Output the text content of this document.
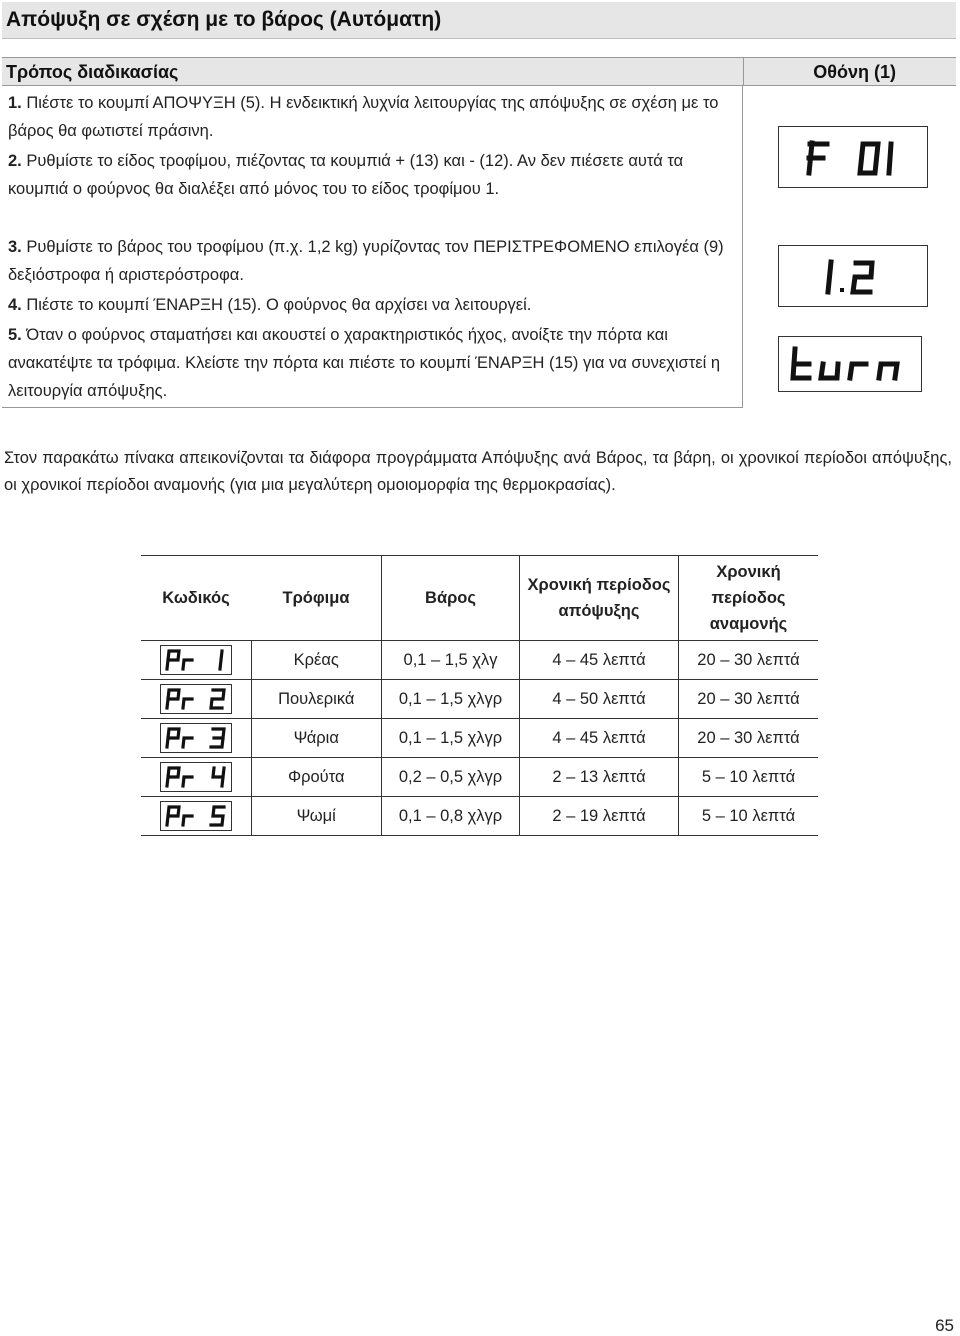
Απόψυξη σε σχέση με το βάρος (Αυτόματη)
Τρόπος διαδικασίας	Οθόνη (1)
1. Πιέστε το κουμπί ΑΠΟΨΥΞΗ (5). Η ενδεικτική λυχνία λειτουργίας της απόψυξης σε σχέση με το βάρος θα φωτιστεί πράσινη.
2. Ρυθμίστε το είδος τροφίμου, πιέζοντας τα κουμπιά + (13) και - (12). Αν δεν πιέσετε αυτά τα κουμπιά ο φούρνος θα διαλέξει από μόνος του το είδος τροφίμου 1.
3. Ρυθμίστε το βάρος του τροφίμου (π.χ. 1,2 kg) γυρίζοντας τον ΠΕΡΙΣΤΡΕΦΟΜΕΝΟ επιλογέα (9) δεξιόστροφα ή αριστερόστροφα.
4. Πιέστε το κουμπί ΈΝΑΡΞΗ (15). Ο φούρνος θα αρχίσει να λειτουργεί.
5. Όταν ο φούρνος σταματήσει και ακουστεί ο χαρακτηριστικός ήχος, ανοίξτε την πόρτα και ανακατέψτε τα τρόφιμα. Κλείστε την πόρτα και πιέστε το κουμπί ΈΝΑΡΞΗ (15) για να συνεχιστεί η λειτουργία απόψυξης.

Στον παρακάτω πίνακα απεικονίζονται τα διάφορα προγράμματα Απόψυξης ανά Βάρος, τα βάρη, οι χρονικοί περίοδοι απόψυξης, οι χρονικοί περίοδοι αναμονής (για μια μεγαλύτερη ομοιομορφία της θερμοκρασίας).

Κωδικός	Τρόφιμα	Βάρος	Χρονική περίοδος απόψυξης	Χρονική περίοδος αναμονής

	Κρέας	0,1 – 1,5 χλγ	4 – 45 λεπτά	20 – 30 λεπτά

	Πουλερικά	0,1 – 1,5 χλγρ	4 – 50 λεπτά	20 – 30 λεπτά

	Ψάρια	0,1 – 1,5 χλγρ	4 – 45 λεπτά	20 – 30 λεπτά

	Φρούτα	0,2 – 0,5 χλγρ	2 – 13 λεπτά	5 – 10 λεπτά

	Ψωμί	0,1 – 0,8 χλγρ	2 – 19 λεπτά	5 – 10 λεπτά
65
